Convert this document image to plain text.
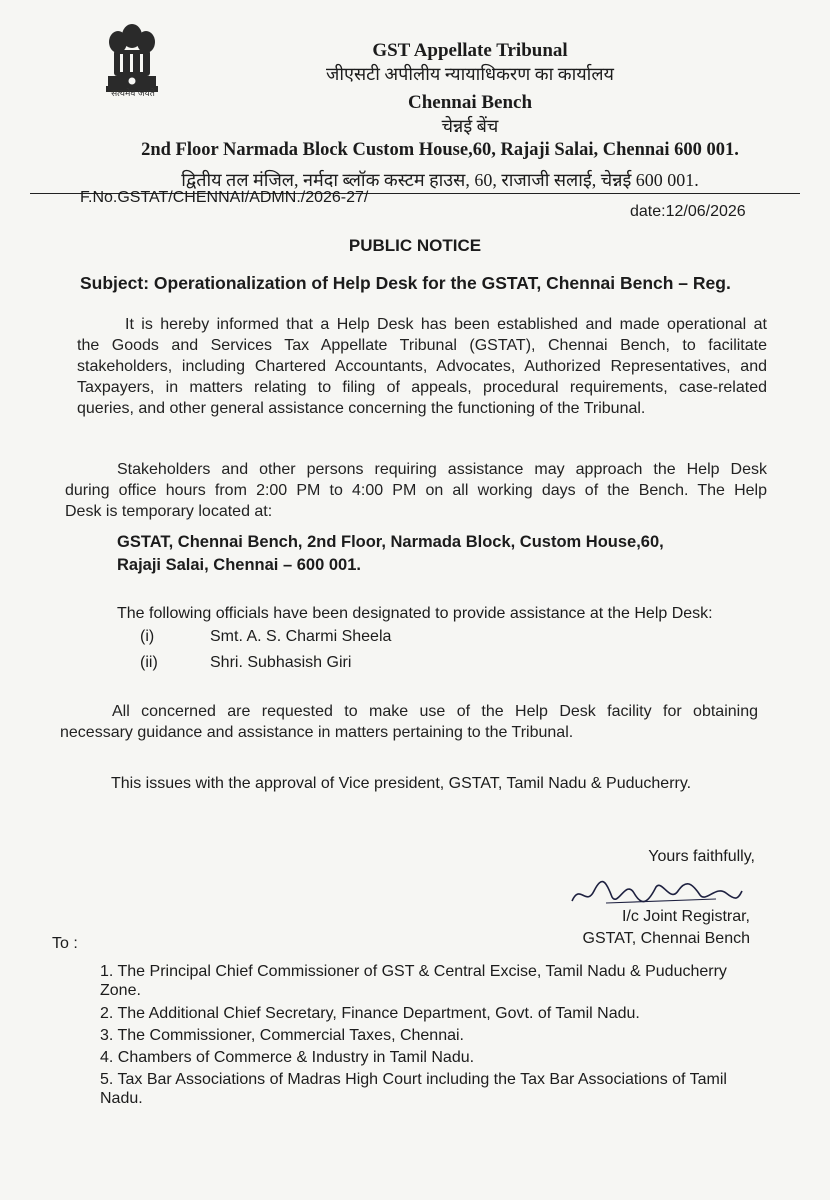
सत्यमेव जयते
GST Appellate Tribunal
जीएसटी अपीलीय न्यायाधिकरण का कार्यालय
Chennai Bench
चेन्नई बेंच
2nd Floor Narmada Block Custom House,60, Rajaji Salai, Chennai 600 001.
द्वितीय तल मंजिल, नर्मदा ब्लॉक कस्टम हाउस, 60, राजाजी सलाई, चेन्नई 600 001.
F.No.GSTAT/CHENNAI/ADMN./2026-27/
date:12/06/2026
PUBLIC NOTICE
Subject: Operationalization of Help Desk for the GSTAT, Chennai Bench – Reg.
It is hereby informed that a Help Desk has been established and made operational at
the Goods and Services Tax Appellate Tribunal (GSTAT), Chennai Bench, to facilitate
stakeholders, including Chartered Accountants, Advocates, Authorized Representatives, and
Taxpayers, in matters relating to filing of appeals, procedural requirements, case-related
queries, and other general assistance concerning the functioning of the Tribunal.
Stakeholders and other persons requiring assistance may approach the Help Desk
during office hours from 2:00 PM to 4:00 PM on all working days of the Bench. The Help
Desk is temporary located at:
GSTAT, Chennai Bench, 2nd Floor, Narmada Block, Custom House,60,
Rajaji Salai, Chennai – 600 001.
The following officials have been designated to provide assistance at the Help Desk:
(i)	Smt. A. S. Charmi Sheela
(ii)	Shri. Subhasish Giri
All concerned are requested to make use of the Help Desk facility for obtaining
necessary guidance and assistance in matters pertaining to the Tribunal.
This issues with the approval of Vice president, GSTAT, Tamil Nadu & Puducherry.
Yours faithfully,
I/c Joint Registrar,
GSTAT, Chennai Bench
To :
1. The Principal Chief Commissioner of GST & Central Excise, Tamil Nadu & Puducherry Zone.
2. The Additional Chief Secretary, Finance Department, Govt. of Tamil Nadu.
3. The Commissioner, Commercial Taxes, Chennai.
4. Chambers of Commerce & Industry in Tamil Nadu.
5. Tax Bar Associations of Madras High Court including the Tax Bar Associations of Tamil Nadu.
